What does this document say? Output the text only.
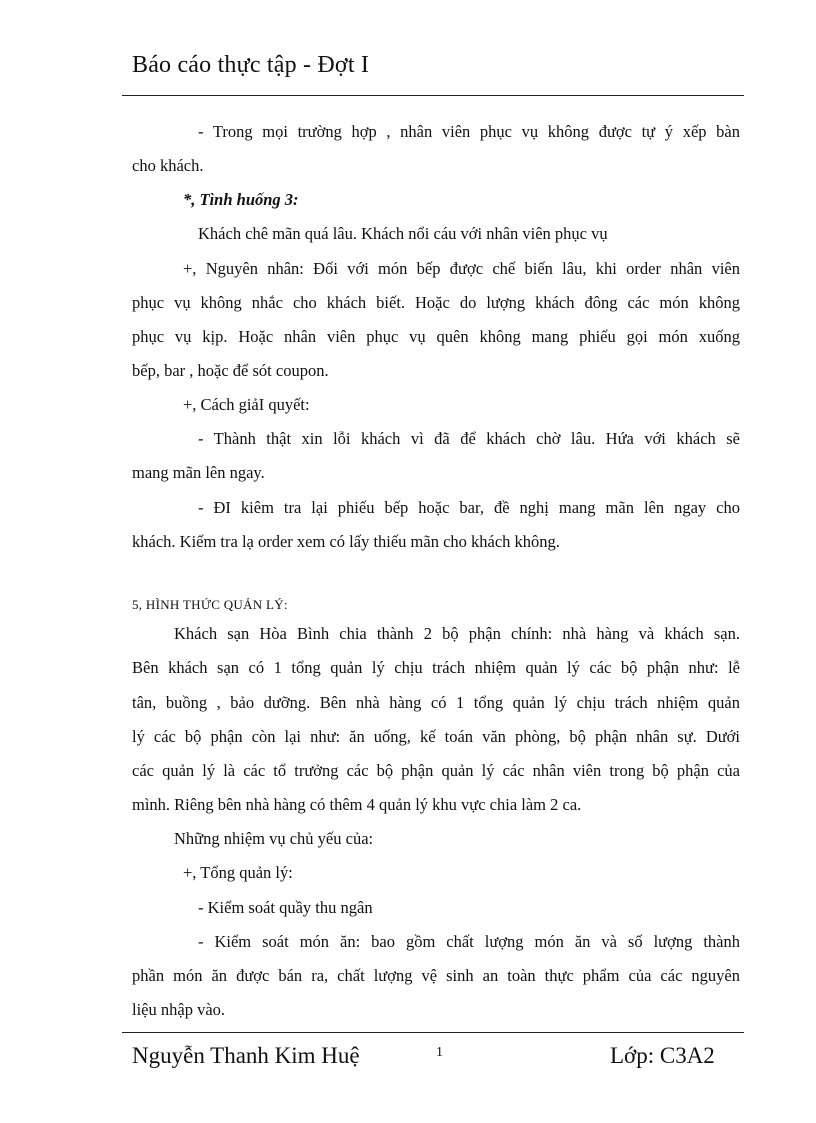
Báo cáo thực tập - Đợt I
- Trong mọi trường hợp , nhân viên phục vụ không được tự ý xếp bàn
cho khách.
*, Tình huống 3:
Khách chê mãn quá lâu. Khách nổi cáu với nhân viên phục vụ
+, Nguyên nhân: Đối với món bếp được chế biến lâu, khi order nhân viên
phục vụ không nhắc cho khách biết. Hoặc do lượng khách đông các món không
phục vụ kịp. Hoặc nhân viên phục vụ quên không mang phiếu gọi món xuống
bếp, bar , hoặc để sót coupon.
+, Cách giảI quyết:
- Thành thật xin lỗi khách vì đã để khách chờ lâu. Hứa với khách sẽ
mang mãn lên ngay.
- ĐI kiêm tra lại phiếu bếp hoặc bar, đề nghị mang mãn lên ngay cho
khách. Kiểm tra lạ order xem có lấy thiếu mãn cho khách không.
5, HÌNH THỨC QUẢN LÝ:
Khách sạn Hòa Bình chia thành 2 bộ phận chính: nhà hàng và khách sạn.
Bên khách sạn có 1 tổng quản lý chịu trách nhiệm quản lý các bộ phận như: lễ
tân, buồng , bảo dưỡng. Bên nhà hàng có 1 tổng quản lý chịu trách nhiệm quản
lý các bộ phận còn lại như: ăn uống, kế toán văn phòng, bộ phận nhân sự. Dưới
các quản lý là các tổ trưởng các bộ phận quản lý các nhân viên trong bộ phận của
mình. Riêng bên nhà hàng có thêm 4 quản lý khu vực chia làm 2 ca.
Những nhiệm vụ chủ yếu của:
+, Tổng quản lý:
- Kiểm soát quầy thu ngân
- Kiểm soát món ăn: bao gồm chất lượng món ăn và số lượng thành
phần món ăn được bán ra, chất lượng vệ sinh an toàn thực phẩm của các nguyên
liệu nhập vào.
Nguyễn Thanh Kim Huệ	1	Lớp: C3A2
